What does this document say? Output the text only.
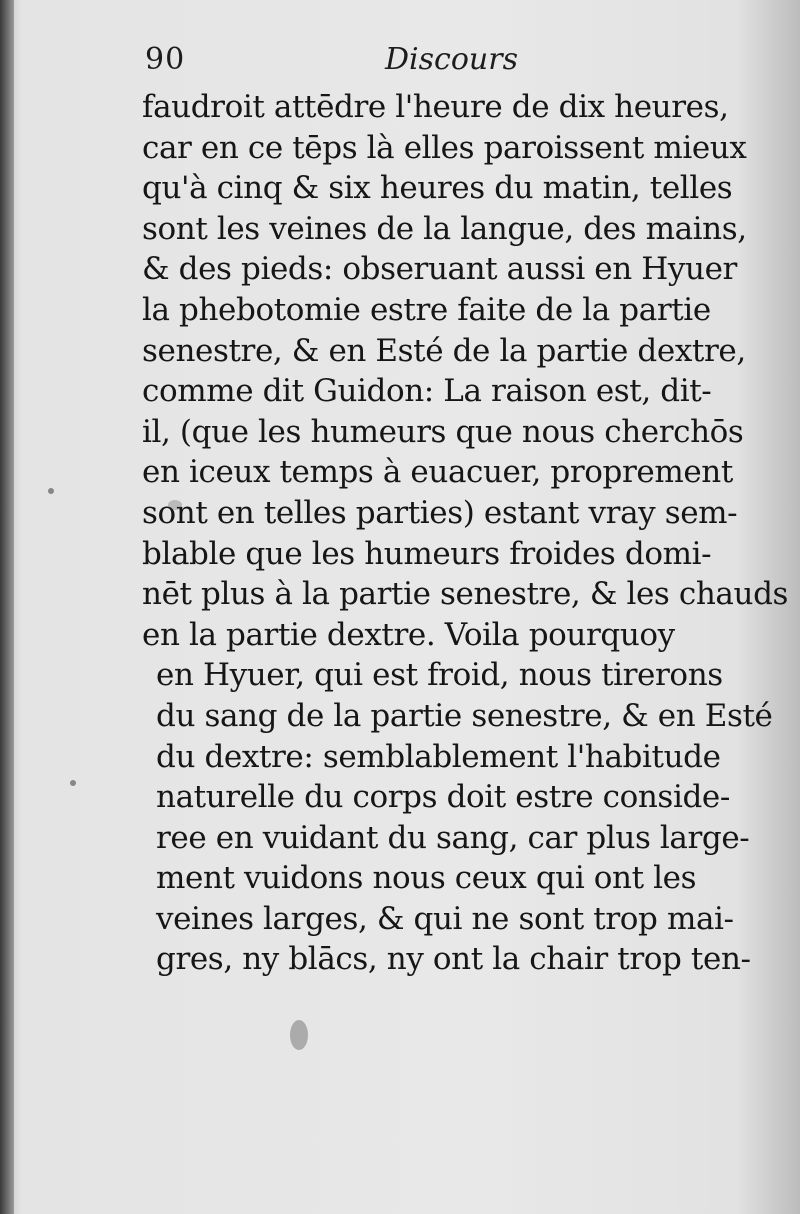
90	Discours
faudroit attēdre l'heure de dix heures,
car en ce tēps là elles paroissent mieux
qu'à cinq & six heures du matin, telles
sont les veines de la langue, des mains,
& des pieds: obseruant aussi en Hyuer
la phebotomie estre faite de la partie
senestre, & en Esté de la partie dextre,
comme dit Guidon: La raison est, dit-
il, (que les humeurs que nous cherchōs
en iceux temps à euacuer, proprement
sont en telles parties) estant vray sem-
blable que les humeurs froides domi-
nēt plus à la partie senestre, & les chauds
en la partie dextre. Voila pourquoy
en Hyuer, qui est froid, nous tirerons
du sang de la partie senestre, & en Esté
du dextre: semblablement l'habitude
naturelle du corps doit estre conside-
ree en vuidant du sang, car plus large-
ment vuidons nous ceux qui ont les
veines larges, & qui ne sont trop mai-
gres, ny blācs, ny ont la chair trop ten-
